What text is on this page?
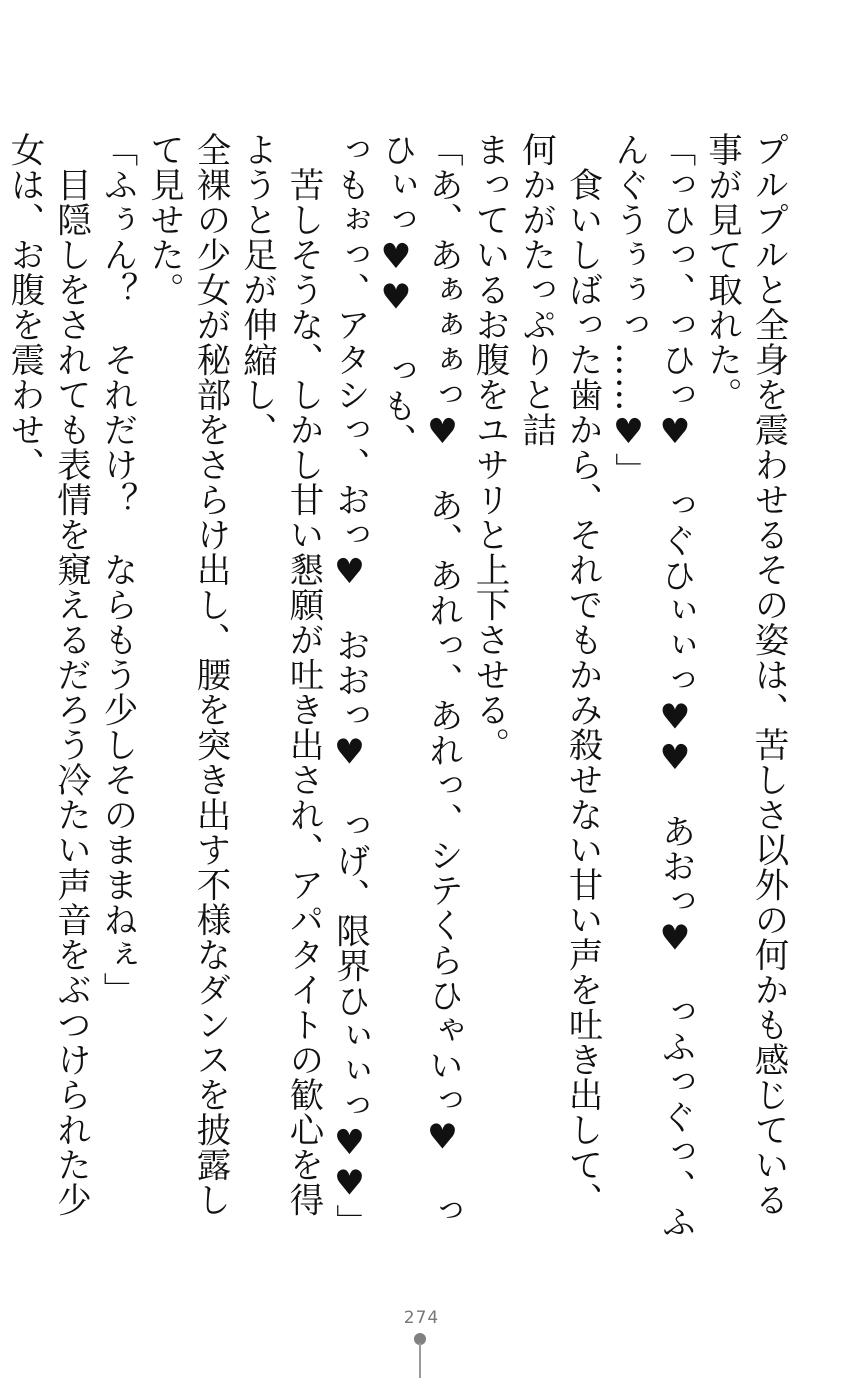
プルプルと全身を震わせるその姿は、苦しさ以外の何かも感じている事が見て取れた。
「っひっ、っひっ♥　っぐひぃぃっ♥♥　あおっ♥　っふっぐっ、ふんぐうぅぅっ……♥」
　食いしばった歯から、それでもかみ殺せない甘い声を吐き出して、何かがたっぷりと詰
まっているお腹をユサリと上下させる。
「あ、あぁぁぁっ♥　あ、あれっ、あれっ、シテくらひゃいっ♥　っひぃっ♥♥　っも、
っもぉっ、アタシっ、おっ♥　おおっ♥　っげ、限界ひぃぃっ♥♥」
　苦しそうな、しかし甘い懇願が吐き出され、アパタイトの歓心を得ようと足が伸縮し、
全裸の少女が秘部をさらけ出し、腰を突き出す不様なダンスを披露して見せた。
「ふぅん？　それだけ？　ならもう少しそのままねぇ」
　目隠しをされても表情を窺えるだろう冷たい声音をぶつけられた少女は、お腹を震わせ、
274
